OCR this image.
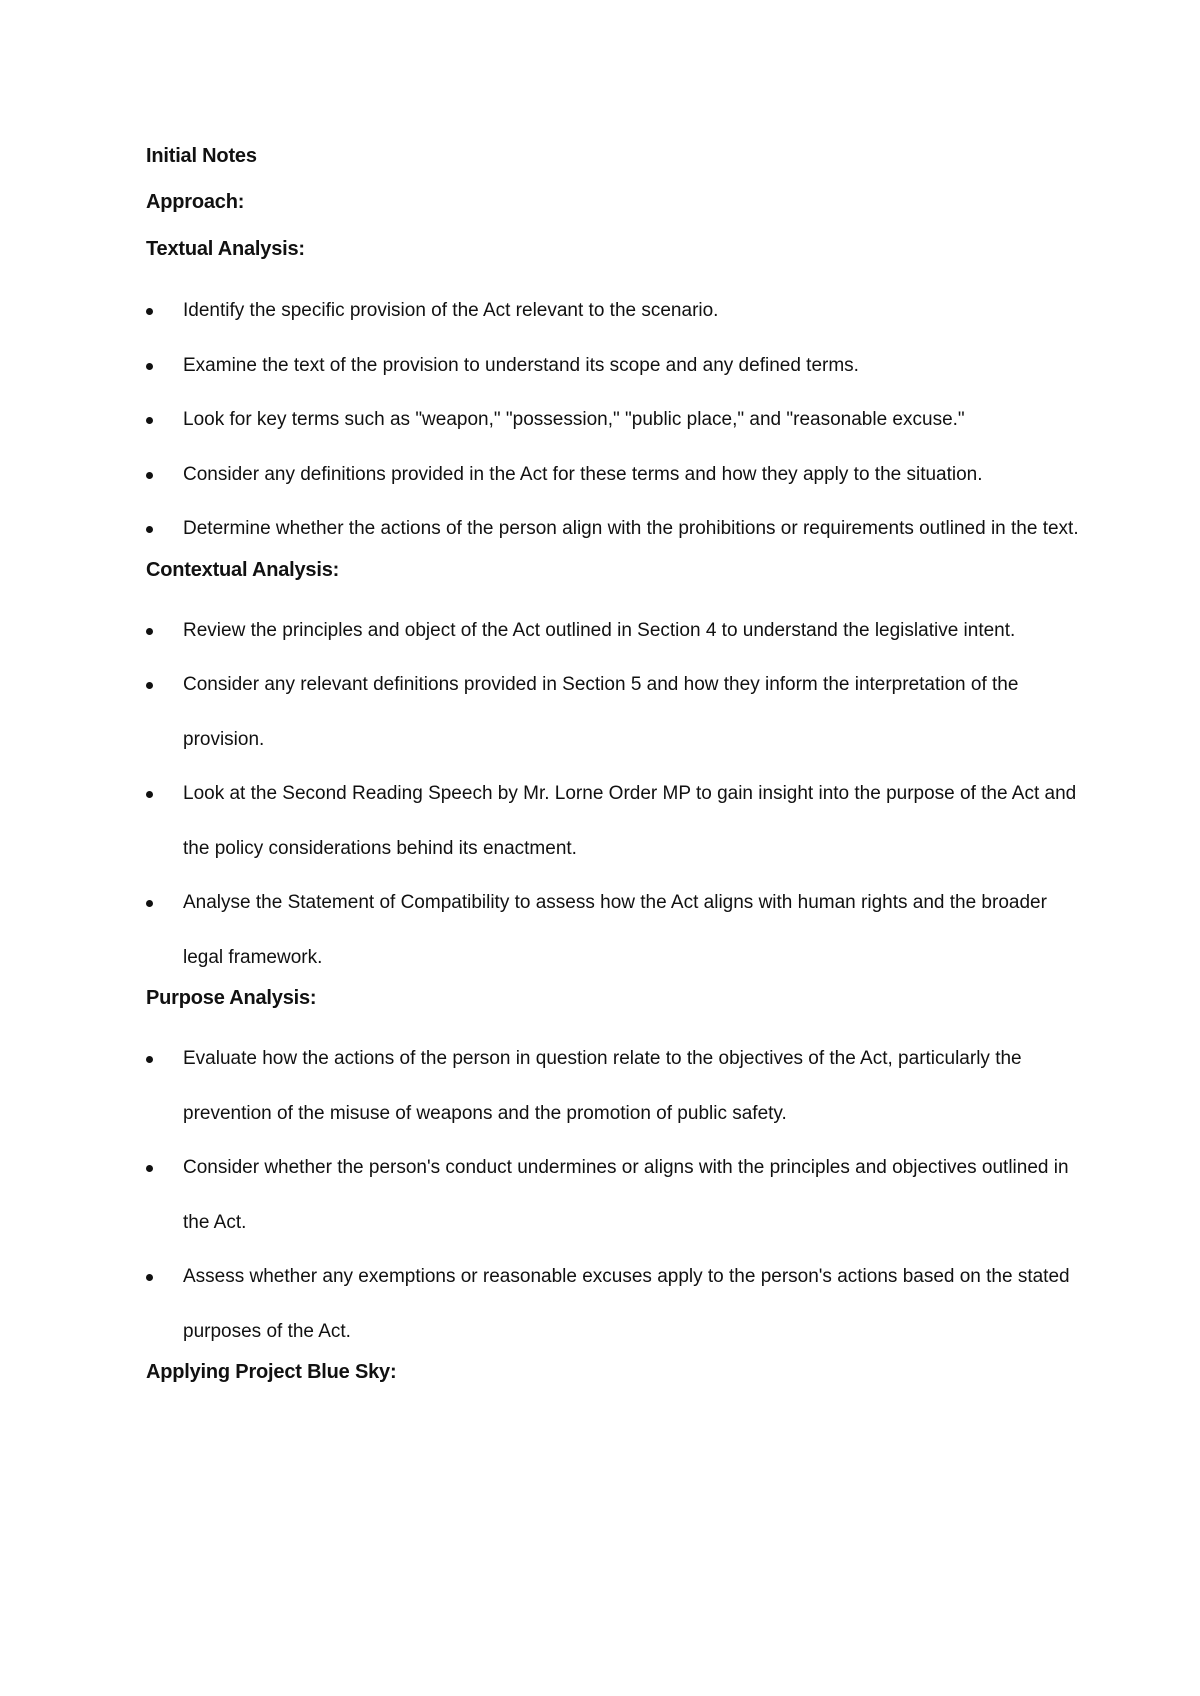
Initial Notes

Approach:

Textual Analysis:

Identify the specific provision of the Act relevant to the scenario.
Examine the text of the provision to understand its scope and any defined terms.
Look for key terms such as "weapon," "possession," "public place," and "reasonable excuse."
Consider any definitions provided in the Act for these terms and how they apply to the situation.
Determine whether the actions of the person align with the prohibitions or requirements outlined in the text.

Contextual Analysis:

Review the principles and object of the Act outlined in Section 4 to understand the legislative intent.
Consider any relevant definitions provided in Section 5 and how they inform the interpretation of the provision.
Look at the Second Reading Speech by Mr. Lorne Order MP to gain insight into the purpose of the Act and the policy considerations behind its enactment.
Analyse the Statement of Compatibility to assess how the Act aligns with human rights and the broader legal framework.

Purpose Analysis:

Evaluate how the actions of the person in question relate to the objectives of the Act, particularly the prevention of the misuse of weapons and the promotion of public safety.
Consider whether the person's conduct undermines or aligns with the principles and objectives outlined in the Act.
Assess whether any exemptions or reasonable excuses apply to the person's actions based on the stated purposes of the Act.

Applying Project Blue Sky:
